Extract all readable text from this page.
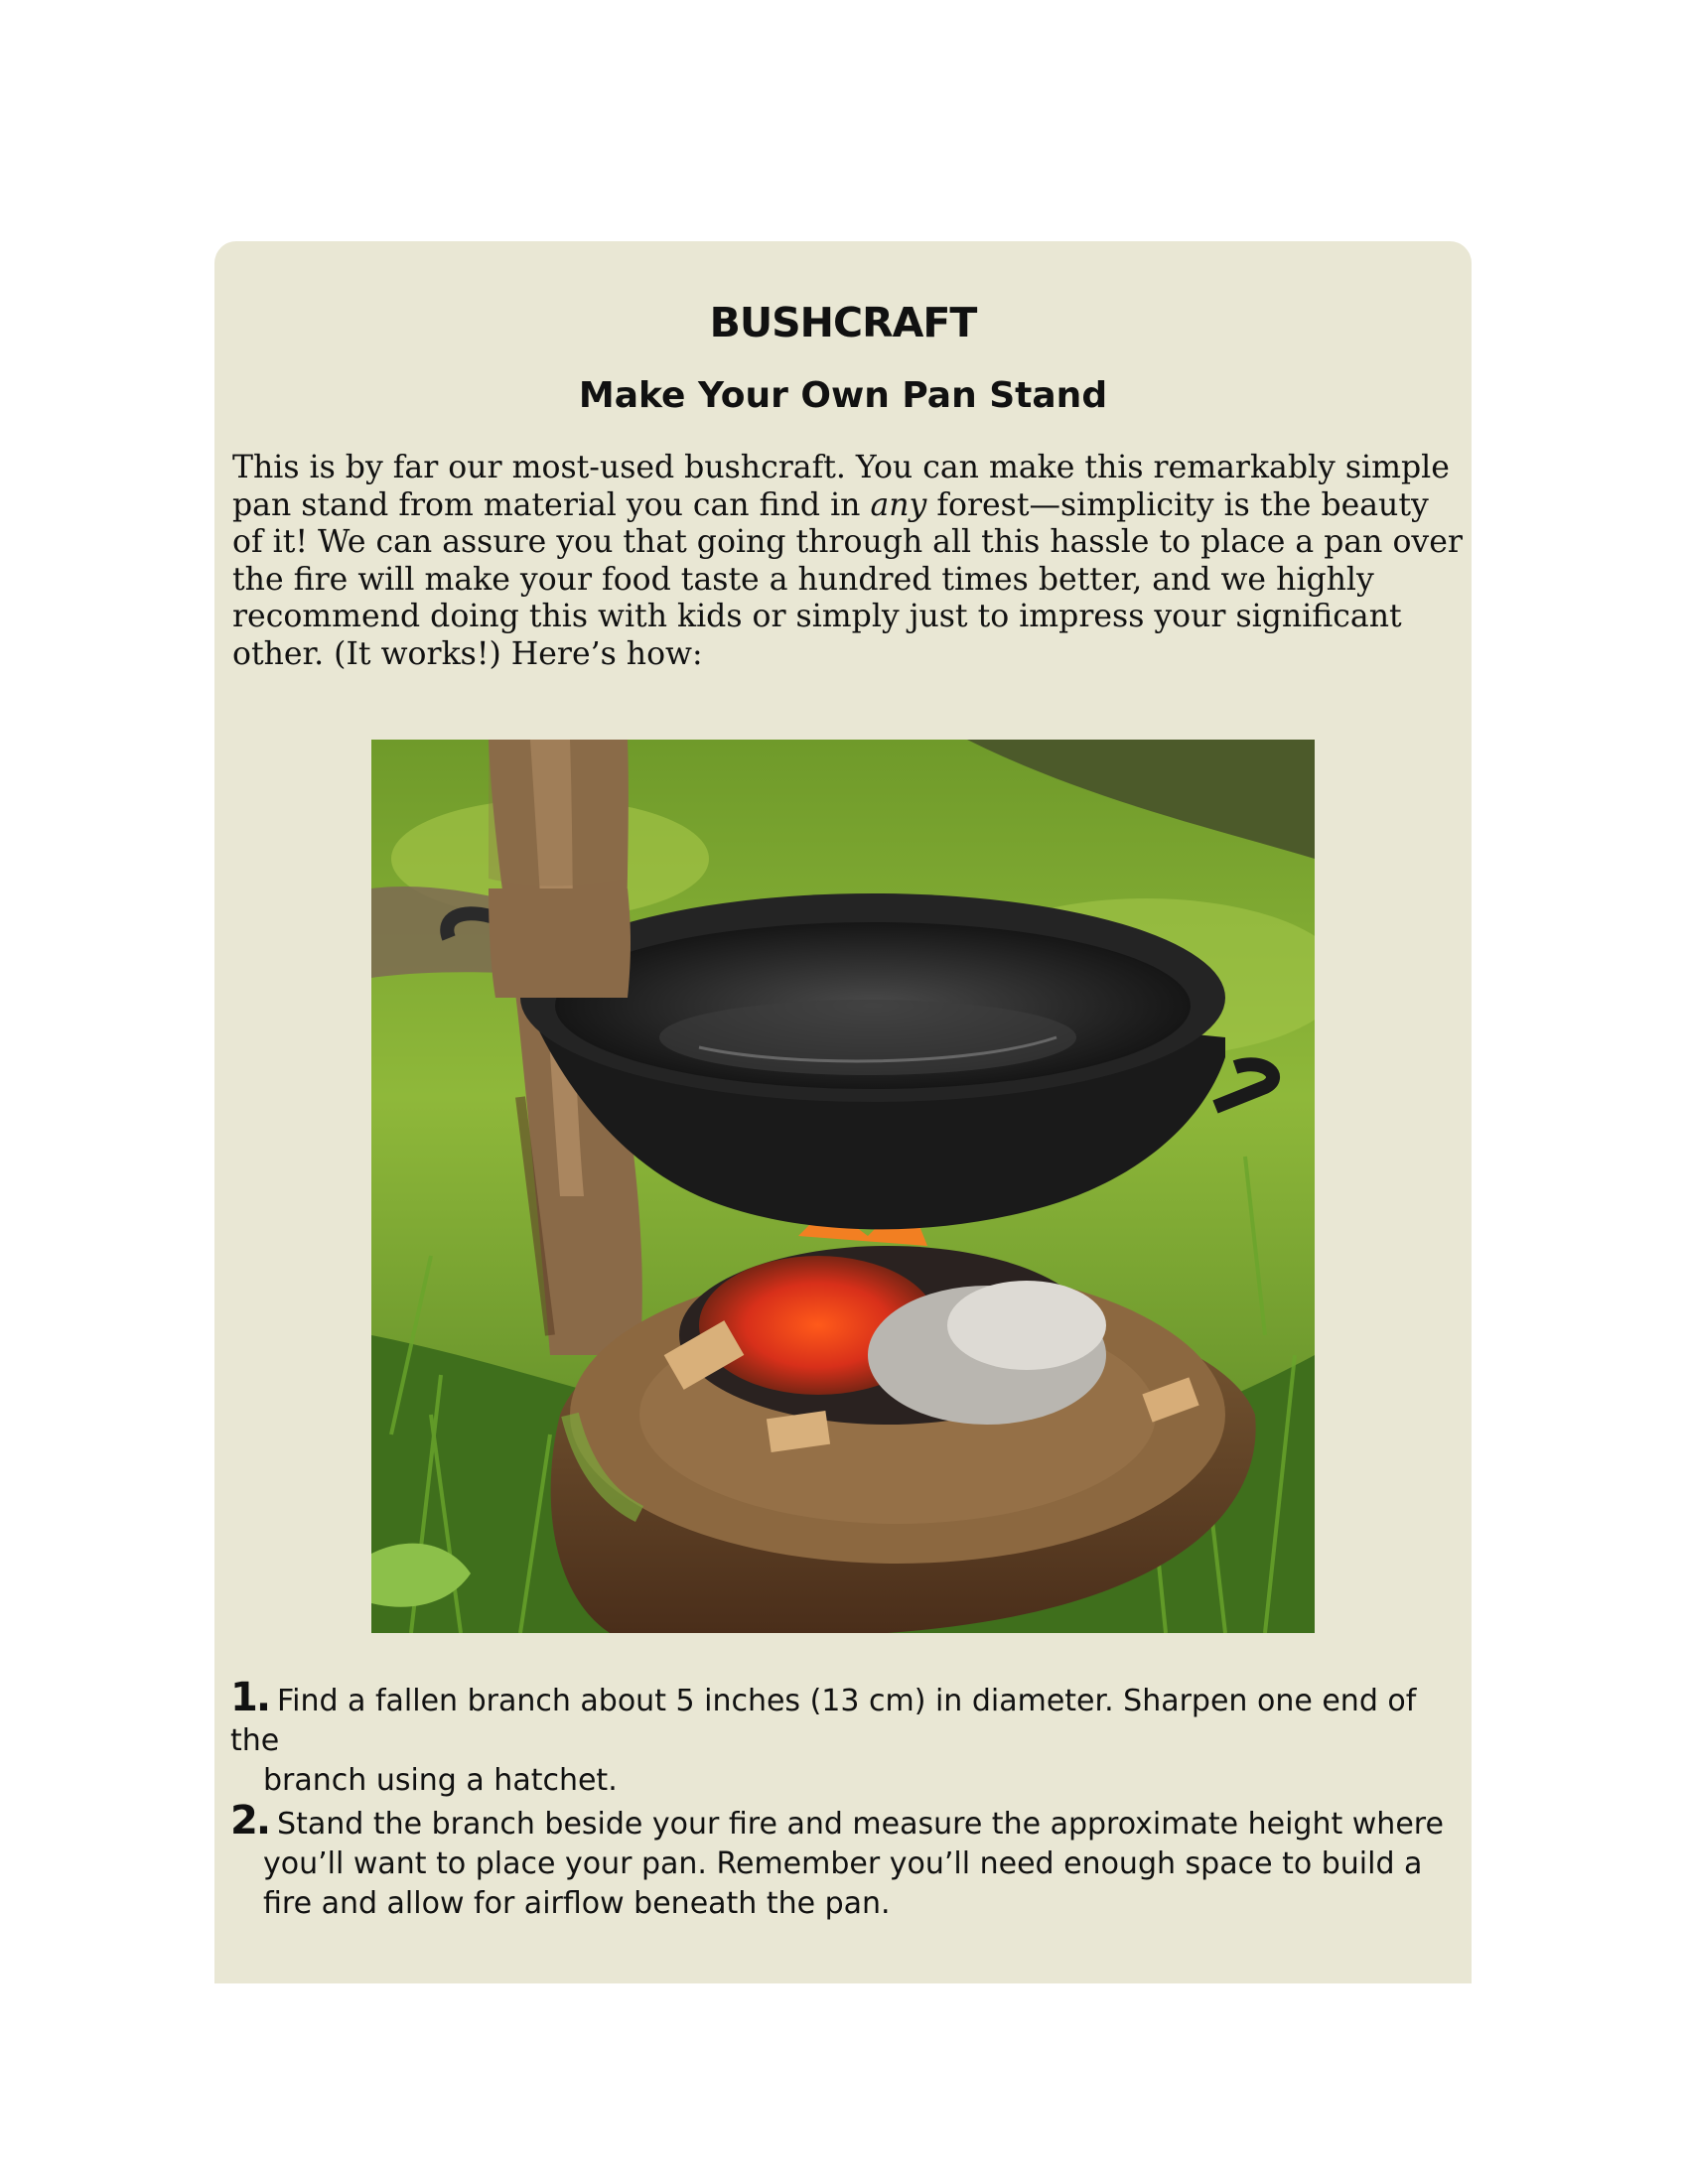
BUSHCRAFT
Make Your Own Pan Stand
This is by far our most-used bushcraft. You can make this remarkably simple pan stand from material you can find in any forest—simplicity is the beauty of it! We can assure you that going through all this hassle to place a pan over the fire will make your food taste a hundred times better, and we highly recommend doing this with kids or simply just to impress your significant other. (It works!) Here’s how:
1. Find a fallen branch about 5 inches (13 cm) in diameter. Sharpen one end of the
branch using a hatchet.
2. Stand the branch beside your fire and measure the approximate height where
you’ll want to place your pan. Remember you’ll need enough space to build a
fire and allow for airflow beneath the pan.
